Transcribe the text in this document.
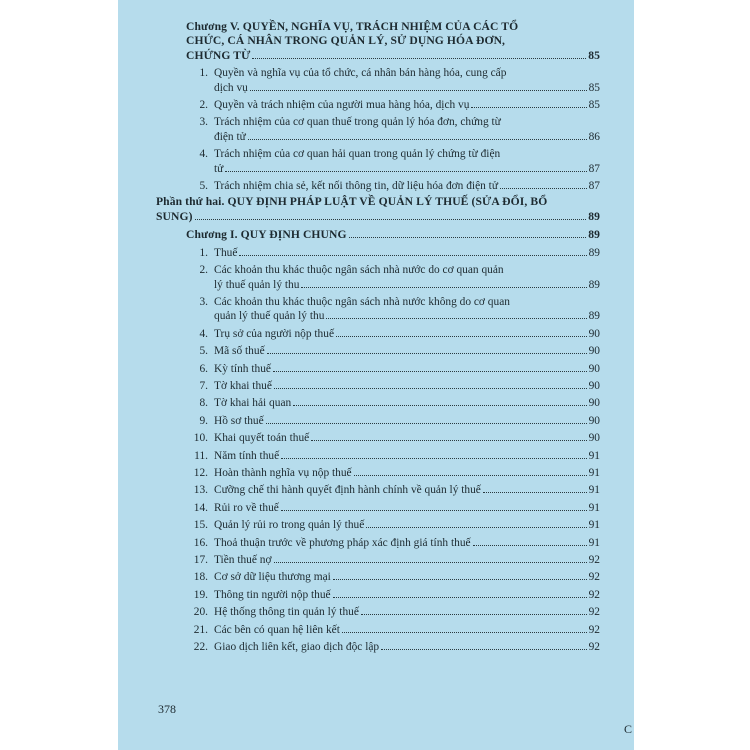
Chương V. QUYỀN, NGHĨA VỤ, TRÁCH NHIỆM CỦA CÁC TỔ
CHỨC, CÁ NHÂN TRONG QUẢN LÝ, SỬ DỤNG HÓA ĐƠN,
CHỨNG TỪ	85
1. Quyền và nghĩa vụ của tổ chức, cá nhân bán hàng hóa, cung cấp
dịch vụ	85
2. Quyền và trách nhiệm của người mua hàng hóa, dịch vụ	85
3. Trách nhiệm của cơ quan thuế trong quản lý hóa đơn, chứng từ
điện tử	86
4. Trách nhiệm của cơ quan hải quan trong quản lý chứng từ điện
tử	87
5. Trách nhiệm chia sẻ, kết nối thông tin, dữ liệu hóa đơn điện tử	87
Phần thứ hai. QUY ĐỊNH PHÁP LUẬT VỀ QUẢN LÝ THUẾ (SỬA ĐỔI, BỔ
SUNG)	89
Chương I. QUY ĐỊNH CHUNG	89
1. Thuế	89
2. Các khoản thu khác thuộc ngân sách nhà nước do cơ quan quản
lý thuế quản lý thu	89
3. Các khoản thu khác thuộc ngân sách nhà nước không do cơ quan
quản lý thuế quản lý thu	89
4. Trụ sở của người nộp thuế	90
5. Mã số thuế	90
6. Kỳ tính thuế	90
7. Tờ khai thuế	90
8. Tờ khai hải quan	90
9. Hồ sơ thuế	90
10. Khai quyết toán thuế	90
11. Năm tính thuế	91
12. Hoàn thành nghĩa vụ nộp thuế	91
13. Cưỡng chế thi hành quyết định hành chính về quản lý thuế	91
14. Rủi ro về thuế	91
15. Quản lý rủi ro trong quản lý thuế	91
16. Thoả thuận trước về phương pháp xác định giá tính thuế	91
17. Tiền thuế nợ	92
18. Cơ sở dữ liệu thương mại	92
19. Thông tin người nộp thuế	92
20. Hệ thống thông tin quản lý thuế	92
21. Các bên có quan hệ liên kết	92
22. Giao dịch liên kết, giao dịch độc lập	92
378
C
